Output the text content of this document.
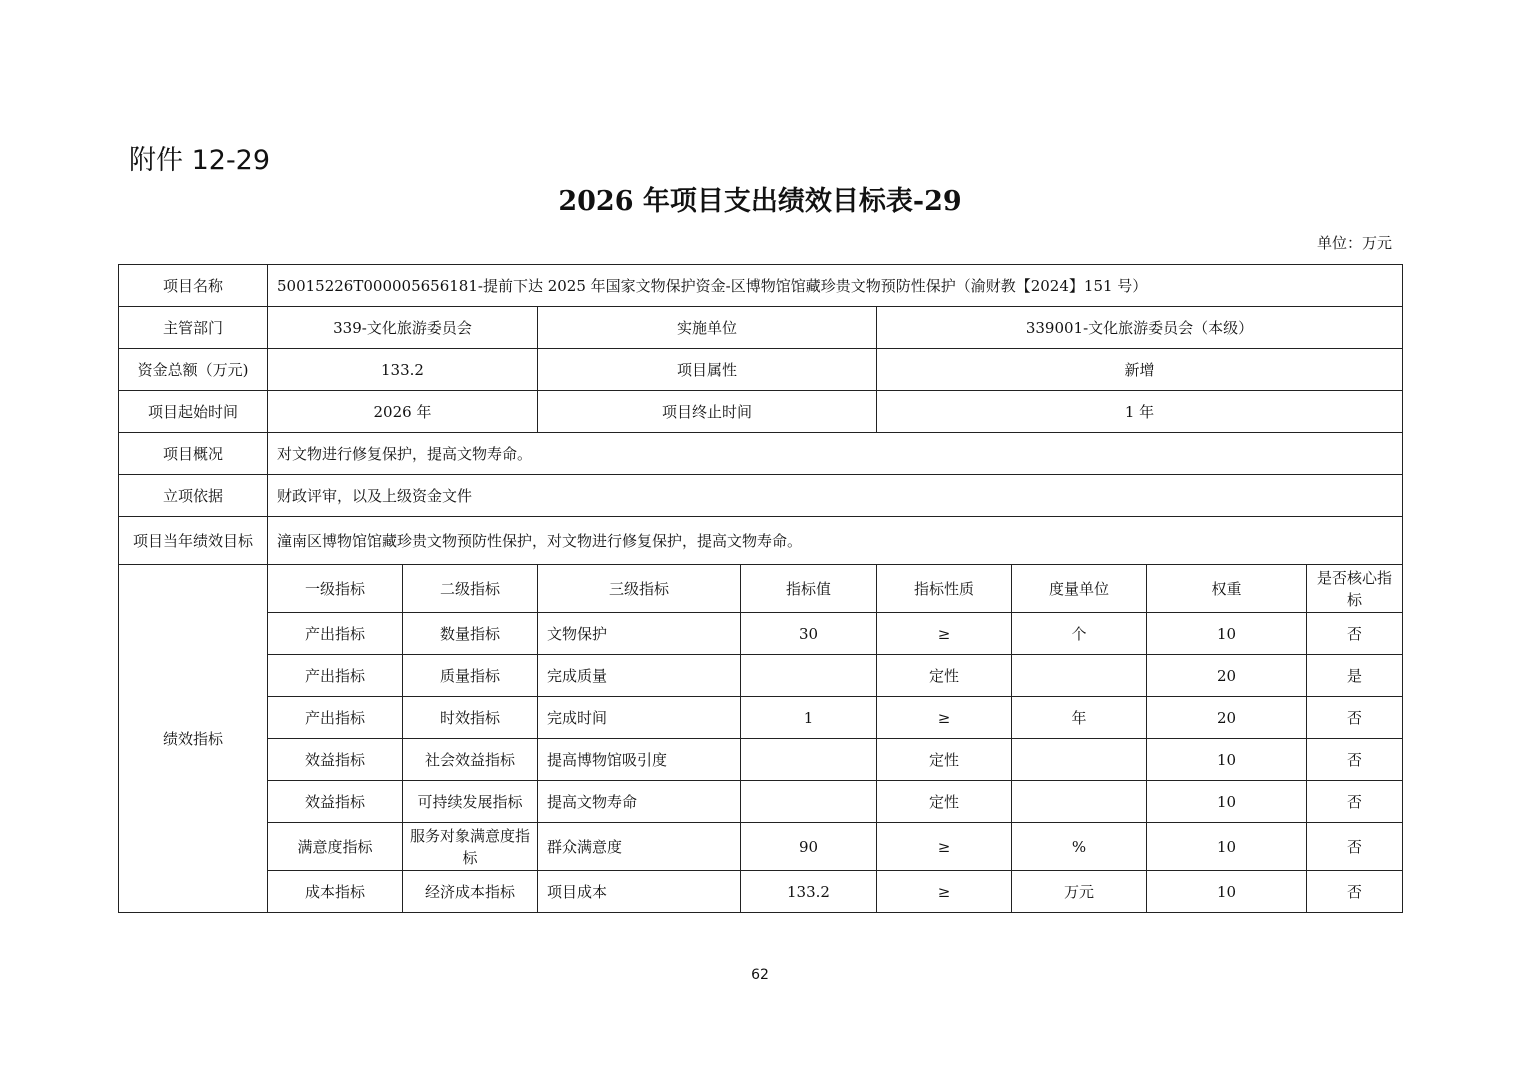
附件 12-29
2026 年项目支出绩效目标表-29
单位：万元
项目名称	50015226T000005656181-提前下达 2025 年国家文物保护资金-区博物馆馆藏珍贵文物预防性保护（渝财教【2024】151 号）							
主管部门	339-文化旅游委员会		实施单位		339001-文化旅游委员会（本级）			
资金总额（万元)	133.2		项目属性		新增			
项目起始时间	2026 年		项目终止时间		1 年			
项目概况	对文物进行修复保护，提高文物寿命。							
立项依据	财政评审，以及上级资金文件							
项目当年绩效目标	潼南区博物馆馆藏珍贵文物预防性保护，对文物进行修复保护，提高文物寿命。							
绩效指标	一级指标	二级指标	三级指标	指标值	指标性质	度量单位	权重	是否核心指标
	产出指标	数量指标	文物保护	30	≥	个	10	否
	产出指标	质量指标	完成质量		定性		20	是
	产出指标	时效指标	完成时间	1	≥	年	20	否
	效益指标	社会效益指标	提高博物馆吸引度		定性		10	否
	效益指标	可持续发展指标	提高文物寿命		定性		10	否
	满意度指标	服务对象满意度指标	群众满意度	90	≥	%	10	否
	成本指标	经济成本指标	项目成本	133.2	≥	万元	10	否
62
